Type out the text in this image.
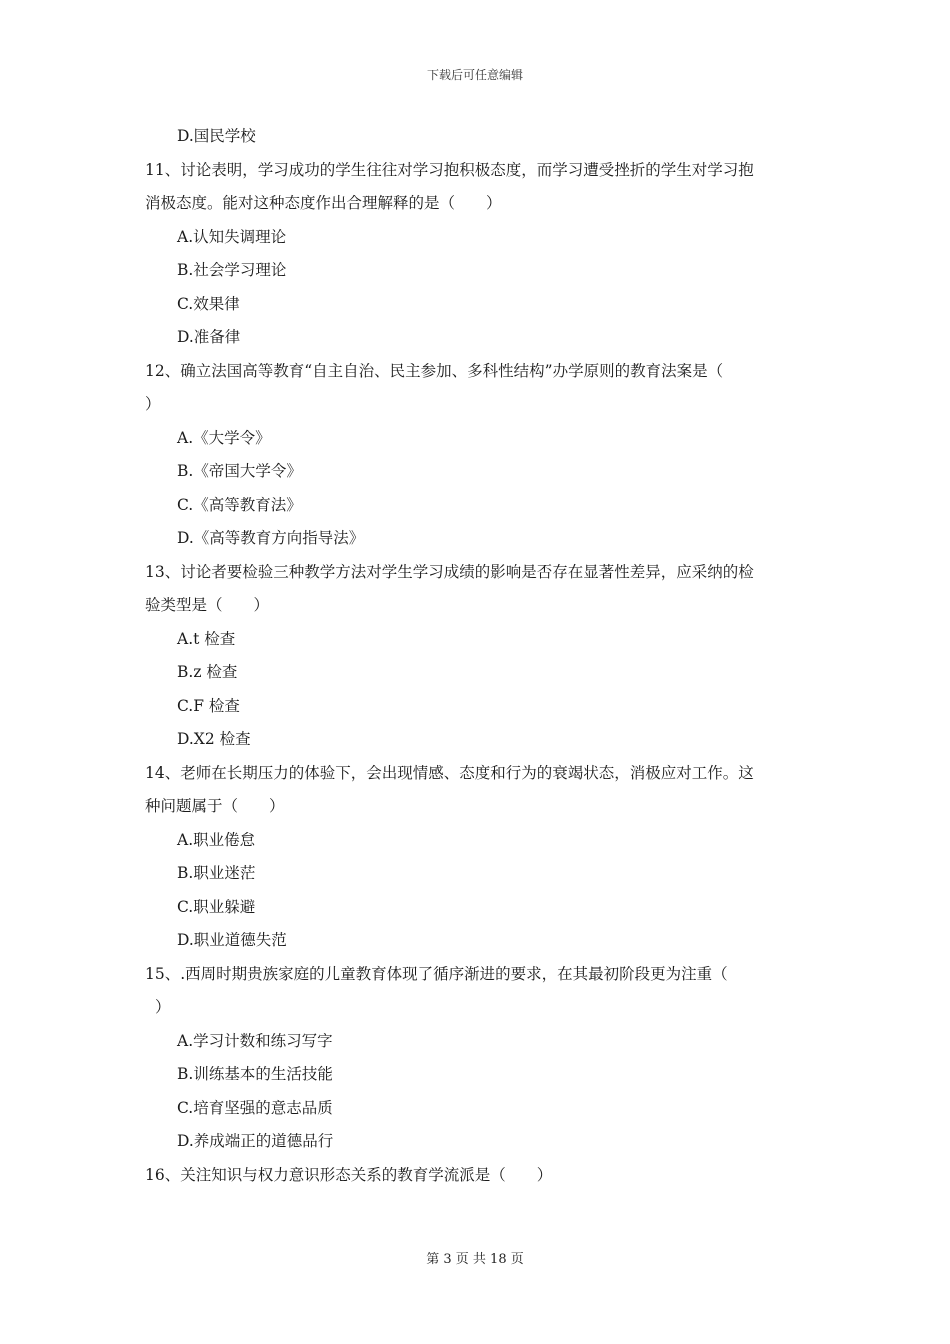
下载后可任意编辑
D.国民学校
11、讨论表明，学习成功的学生往往对学习抱积极态度，而学习遭受挫折的学生对学习抱
消极态度。能对这种态度作出合理解释的是（　　）
A.认知失调理论
B.社会学习理论
C.效果律
D.准备律
12、确立法国高等教育“自主自治、民主参加、多科性结构”办学原则的教育法案是（
）
A.《大学令》
B.《帝国大学令》
C.《高等教育法》
D.《高等教育方向指导法》
13、讨论者要检验三种教学方法对学生学习成绩的影响是否存在显著性差异，应采纳的检
验类型是（　　）
A.t 检查
B.z 检查
C.F 检查
D.X2 检查
14、老师在长期压力的体验下，会出现情感、态度和行为的衰竭状态，消极应对工作。这
种问题属于（　　）
A.职业倦怠
B.职业迷茫
C.职业躲避
D.职业道德失范
15、.西周时期贵族家庭的儿童教育体现了循序渐进的要求，在其最初阶段更为注重（
）
A.学习计数和练习写字
B.训练基本的生活技能
C.培育坚强的意志品质
D.养成端正的道德品行
16、关注知识与权力意识形态关系的教育学流派是（　　）
第 3 页 共 18 页
